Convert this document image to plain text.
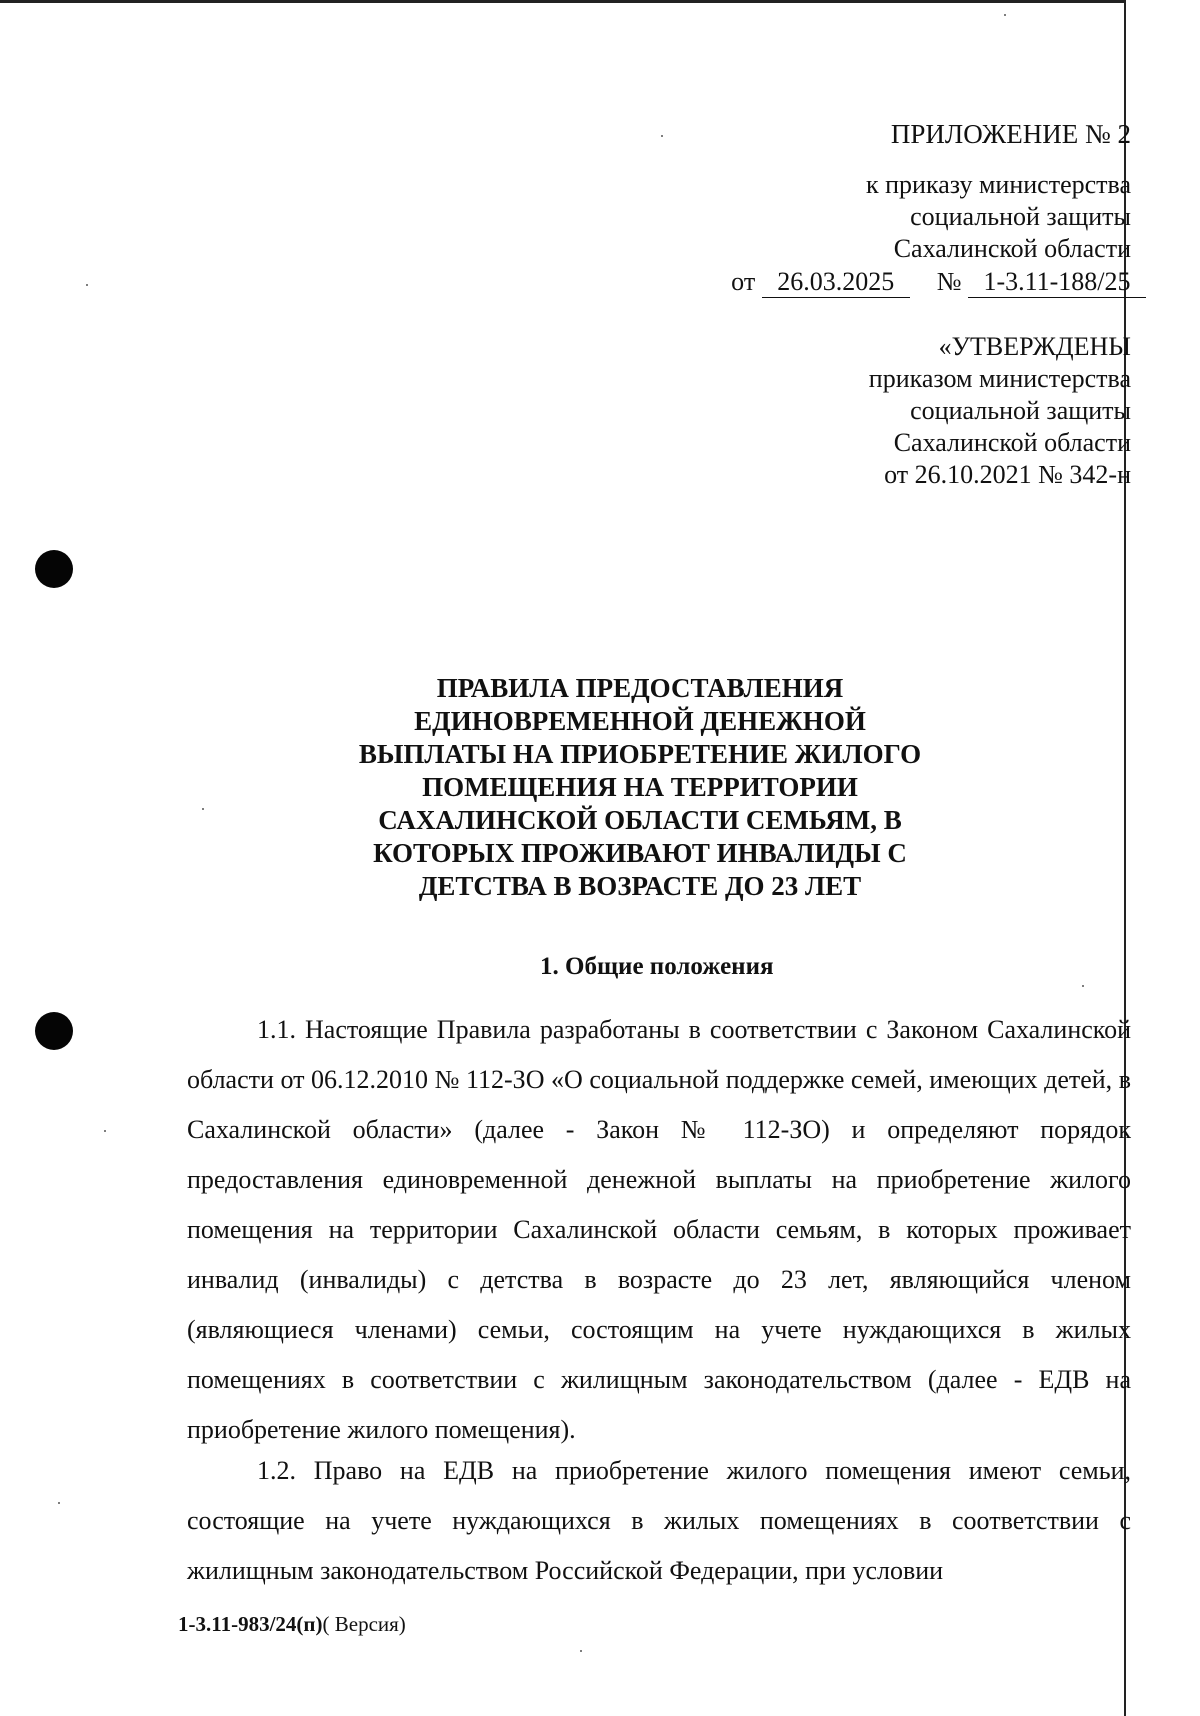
ПРИЛОЖЕНИЕ № 2
к приказу министерства
социальной защиты
Сахалинской области
от 26.03.2025 № 1-3.11-188/25
«УТВЕРЖДЕНЫ
приказом министерства
социальной защиты
Сахалинской области
от 26.10.2021 № 342-н
ПРАВИЛА ПРЕДОСТАВЛЕНИЯ
ЕДИНОВРЕМЕННОЙ ДЕНЕЖНОЙ
ВЫПЛАТЫ НА ПРИОБРЕТЕНИЕ ЖИЛОГО
ПОМЕЩЕНИЯ НА ТЕРРИТОРИИ
САХАЛИНСКОЙ ОБЛАСТИ СЕМЬЯМ, В
КОТОРЫХ ПРОЖИВАЮТ ИНВАЛИДЫ С
ДЕТСТВА В ВОЗРАСТЕ ДО 23 ЛЕТ
1. Общие положения
1.1. Настоящие Правила разработаны в соответствии с Законом Сахалинской области от 06.12.2010 № 112-ЗО «О социальной поддержке семей, имеющих детей, в Сахалинской области» (далее - Закон № 112-ЗО) и определяют порядок предоставления единовременной денежной выплаты на приобретение жилого помещения на территории Сахалинской области семьям, в которых проживает инвалид (инвалиды) с детства в возрасте до 23 лет, являющийся членом (являющиеся членами) семьи, состоящим на учете нуждающихся в жилых помещениях в соответствии с жилищным законодательством (далее - ЕДВ на приобретение жилого помещения).
1.2. Право на ЕДВ на приобретение жилого помещения имеют семьи, состоящие на учете нуждающихся в жилых помещениях в соответствии с жилищным законодательством Российской Федерации, при условии
1-3.11-983/24(п)( Версия)
